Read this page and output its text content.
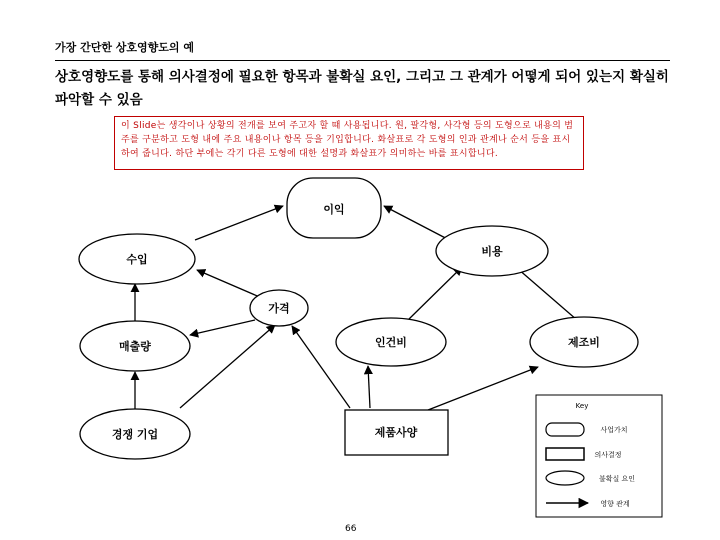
가장 간단한 상호영향도의 예
상호영향도를 통해 의사결정에 필요한 항목과 불확실 요인, 그리고 그 관계가 어떻게 되어 있는지 확실히 파악할 수 있음
이 Slide는 생각이나 상황의 전개를 보여 주고자 할 때 사용됩니다. 원, 팔각형, 사각형 등의 도형으로 내용의 범주를 구분하고 도형 내에 주요 내용이나 항목 등을 기입합니다. 화살표로 각 도형의 인과 관계나 순서 등을 표시하여 줍니다. 하단 부에는 각기 다른 도형에 대한 설명과 화살표가 의미하는 바를 표시합니다.
이익
수입
비용
가격
매출량	인건비	제조비
경쟁 기업	제품사양
Key
사업가치
의사결정
불확실 요인
영향 관계
66
